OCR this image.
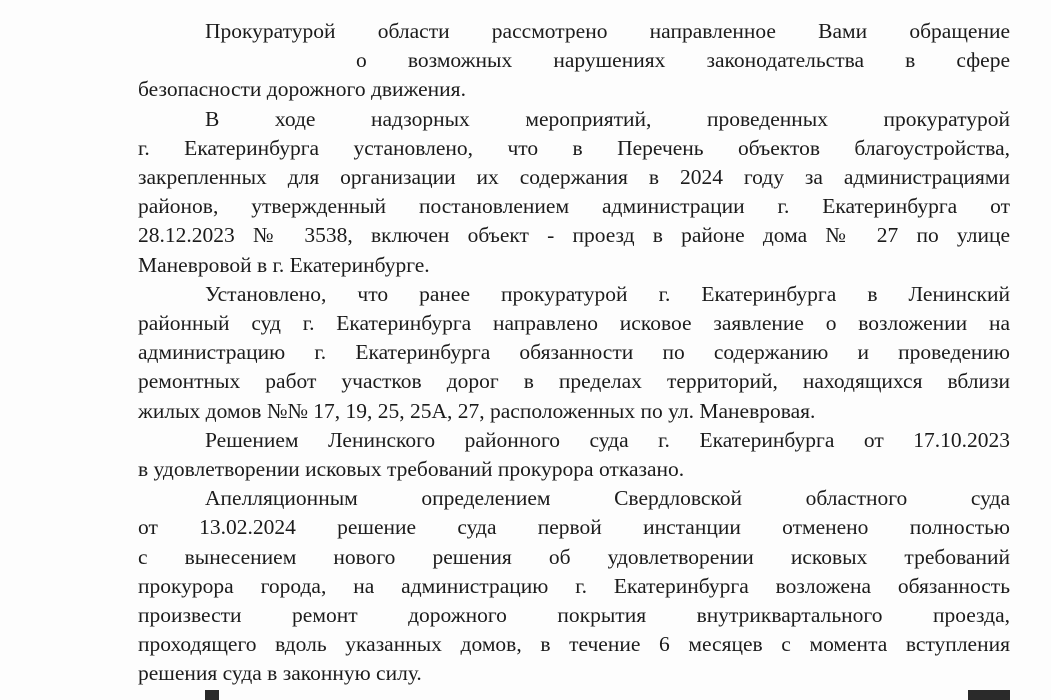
Прокуратурой области рассмотрено направленное Вами обращение
о возможных нарушениях законодательства в сфере
безопасности дорожного движения.

В ходе надзорных мероприятий, проведенных прокуратурой
г. Екатеринбурга установлено, что в Перечень объектов благоустройства,
закрепленных для организации их содержания в 2024 году за администрациями
районов, утвержденный постановлением администрации г. Екатеринбурга от
28.12.2023 № 3538, включен объект - проезд в районе дома № 27 по улице
Маневровой в г. Екатеринбурге.

Установлено, что ранее прокуратурой г. Екатеринбурга в Ленинский
районный суд г. Екатеринбурга направлено исковое заявление о возложении на
администрацию г. Екатеринбурга обязанности по содержанию и проведению
ремонтных работ участков дорог в пределах территорий, находящихся вблизи
жилых домов №№ 17, 19, 25, 25А, 27, расположенных по ул. Маневровая.

Решением Ленинского районного суда г. Екатеринбурга от 17.10.2023
в удовлетворении исковых требований прокурора отказано.

Апелляционным определением Свердловской областного суда
от 13.02.2024 решение суда первой инстанции отменено полностью
с вынесением нового решения об удовлетворении исковых требований
прокурора города, на администрацию г. Екатеринбурга возложена обязанность
произвести ремонт дорожного покрытия внутриквартального проезда,
проходящего вдоль указанных домов, в течение 6 месяцев с момента вступления
решения суда в законную силу.
